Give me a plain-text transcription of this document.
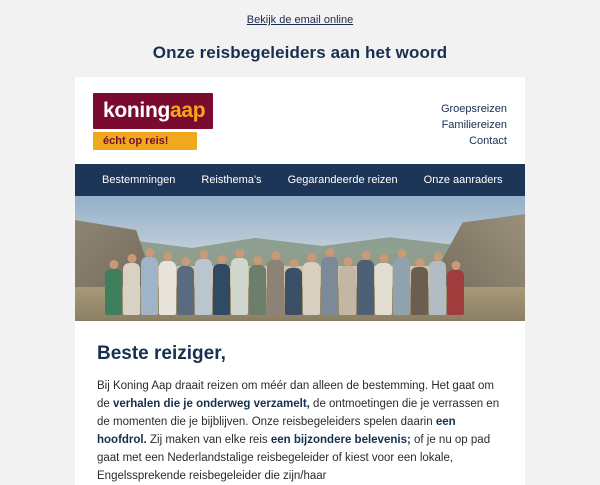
Bekijk de email online
Onze reisbegeleiders aan het woord
koningaap
écht op reis!
Groepsreizen
Familiereizen
Contact
Bestemmingen	Reisthema's	Gegarandeerde reizen	Onze aanraders
Beste reiziger,
Bij Koning Aap draait reizen om méér dan alleen de bestemming. Het gaat om de verhalen die je onderweg verzamelt, de ontmoetingen die je verrassen en de momenten die je bijblijven. Onze reisbegeleiders spelen daarin een hoofdrol. Zij maken van elke reis een bijzondere belevenis; of je nu op pad gaat met een Nederlandstalige reisbegeleider of kiest voor een lokale, Engelssprekende reisbegeleider die zijn/haar
